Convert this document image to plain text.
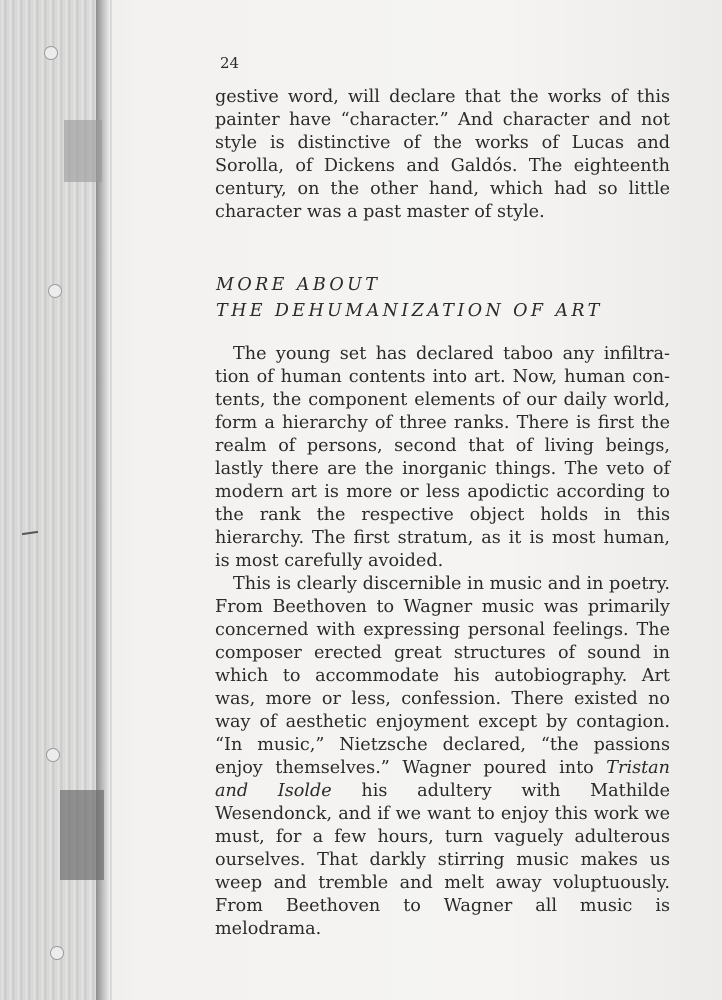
24

gestive word, will declare that the works of this painter have “character.” And character and not style is distinctive of the works of Lucas and Sorolla, of Dickens and Galdós. The eighteenth century, on the other hand, which had so little character was a past master of style.

MORE ABOUT
THE DEHUMANIZATION OF ART

The young set has declared taboo any infiltration of human contents into art. Now, human contents, the component elements of our daily world, form a hierarchy of three ranks. There is first the realm of persons, second that of living beings, lastly there are the inorganic things. The veto of modern art is more or less apodictic according to the rank the respective object holds in this hierarchy. The first stratum, as it is most human, is most carefully avoided.

This is clearly discernible in music and in poetry. From Beethoven to Wagner music was primarily concerned with expressing personal feelings. The composer erected great structures of sound in which to accommodate his autobiography. Art was, more or less, confession. There existed no way of aesthetic enjoyment except by contagion. “In music,” Nietzsche declared, “the passions enjoy themselves.” Wagner poured into Tristan and Isolde his adultery with Mathilde Wesendonck, and if we want to enjoy this work we must, for a few hours, turn vaguely adulterous ourselves. That darkly stirring music makes us weep and tremble and melt away voluptuously. From Beethoven to Wagner all music is melodrama.
